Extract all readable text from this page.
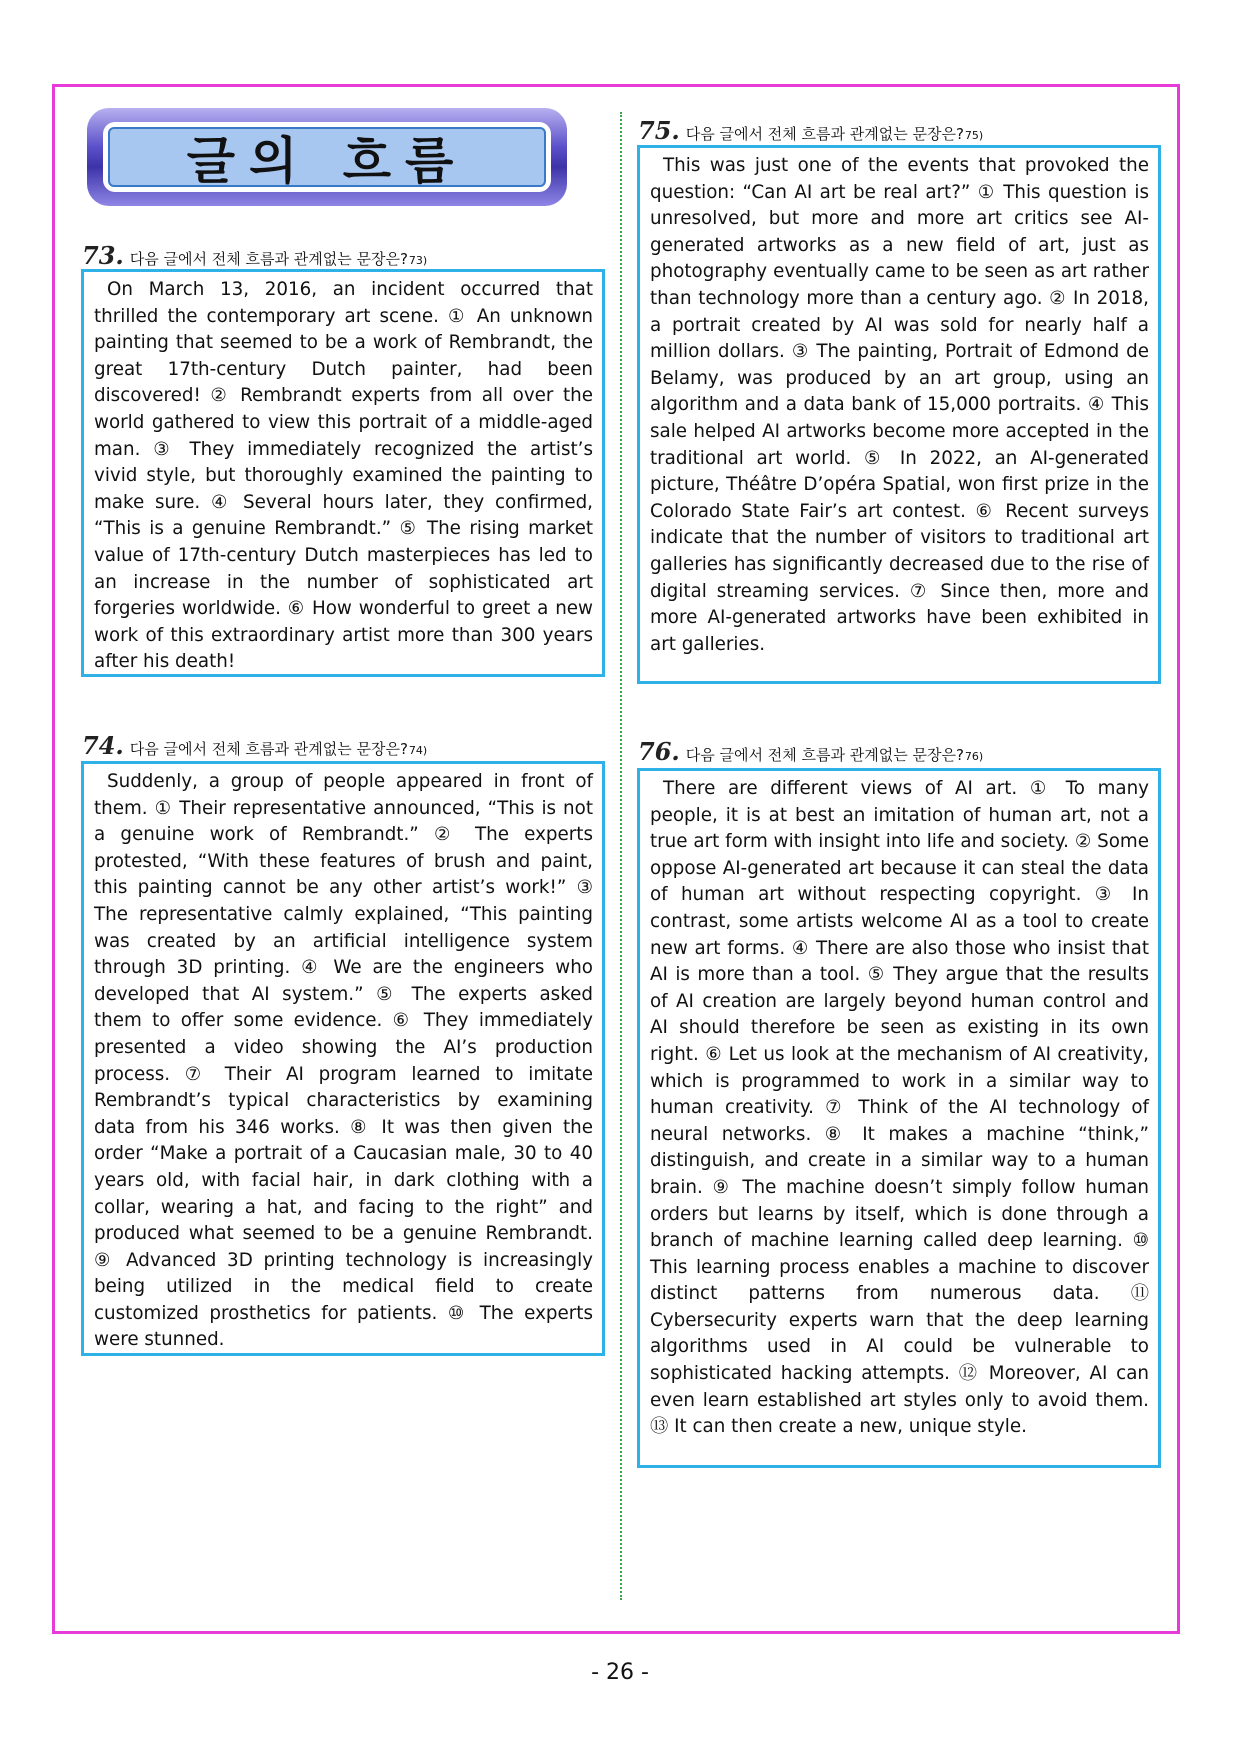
글의 흐름
73. 다음 글에서 전체 흐름과 관계없는 문장은? 73)

On March 13, 2016, an incident occurred that thrilled the contemporary art scene. ① An unknown painting that seemed to be a work of Rembrandt, the great 17th-century Dutch painter, had been discovered! ② Rembrandt experts from all over the world gathered to view this portrait of a middle-aged man. ③ They immediately recognized the artist’s vivid style, but thoroughly examined the painting to make sure. ④ Several hours later, they confirmed, “This is a genuine Rembrandt.” ⑤ The rising market value of 17th-century Dutch masterpieces has led to an increase in the number of sophisticated art forgeries worldwide. ⑥ How wonderful to greet a new work of this extraordinary artist more than 300 years after his death!

74. 다음 글에서 전체 흐름과 관계없는 문장은? 74)

Suddenly, a group of people appeared in front of them. ① Their representative announced, “This is not a genuine work of Rembrandt.” ② The experts protested, “With these features of brush and paint, this painting cannot be any other artist’s work!” ③ The representative calmly explained, “This painting was created by an artificial intelligence system through 3D printing. ④ We are the engineers who developed that AI system.” ⑤ The experts asked them to offer some evidence. ⑥ They immediately presented a video showing the AI’s production process. ⑦ Their AI program learned to imitate Rembrandt’s typical characteristics by examining data from his 346 works. ⑧ It was then given the order “Make a portrait of a Caucasian male, 30 to 40 years old, with facial hair, in dark clothing with a collar, wearing a hat, and facing to the right” and produced what seemed to be a genuine Rembrandt. ⑨ Advanced 3D printing technology is increasingly being utilized in the medical field to create customized prosthetics for patients. ⑩ The experts were stunned.

75. 다음 글에서 전체 흐름과 관계없는 문장은? 75)

This was just one of the events that provoked the question: “Can AI art be real art?” ① This question is unresolved, but more and more art critics see AI-generated artworks as a new field of art, just as photography eventually came to be seen as art rather than technology more than a century ago. ② In 2018, a portrait created by AI was sold for nearly half a million dollars. ③ The painting, Portrait of Edmond de Belamy, was produced by an art group, using an algorithm and a data bank of 15,000 portraits. ④ This sale helped AI artworks become more accepted in the traditional art world. ⑤ In 2022, an AI-generated picture, Théâtre D’opéra Spatial, won first prize in the Colorado State Fair’s art contest. ⑥ Recent surveys indicate that the number of visitors to traditional art galleries has significantly decreased due to the rise of digital streaming services. ⑦ Since then, more and more AI-generated artworks have been exhibited in art galleries.

76. 다음 글에서 전체 흐름과 관계없는 문장은? 76)

There are different views of AI art. ① To many people, it is at best an imitation of human art, not a true art form with insight into life and society. ② Some oppose AI-generated art because it can steal the data of human art without respecting copyright. ③ In contrast, some artists welcome AI as a tool to create new art forms. ④ There are also those who insist that AI is more than a tool. ⑤ They argue that the results of AI creation are largely beyond human control and AI should therefore be seen as existing in its own right. ⑥ Let us look at the mechanism of AI creativity, which is programmed to work in a similar way to human creativity. ⑦ Think of the AI technology of neural networks. ⑧ It makes a machine “think,” distinguish, and create in a similar way to a human brain. ⑨ The machine doesn’t simply follow human orders but learns by itself, which is done through a branch of machine learning called deep learning. ⑩ This learning process enables a machine to discover distinct patterns from numerous data. ⑪ Cybersecurity experts warn that the deep learning algorithms used in AI could be vulnerable to sophisticated hacking attempts. ⑫ Moreover, AI can even learn established art styles only to avoid them. ⑬ It can then create a new, unique style.

- 26 -
